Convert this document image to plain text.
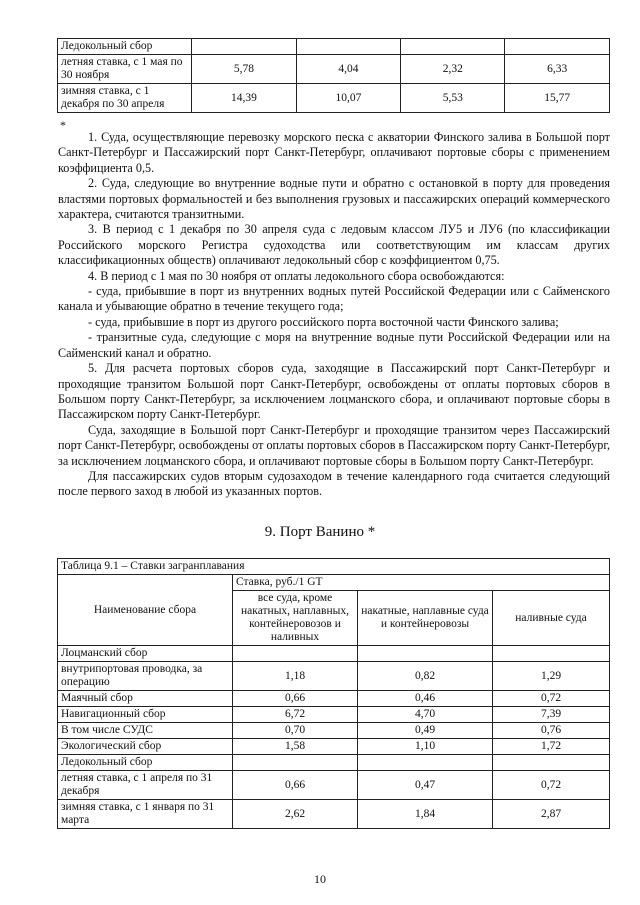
Ледокольный сбор				
летняя ставка, с 1 мая по 30 ноября	5,78	4,04	2,32	6,33
зимняя ставка, с 1 декабря по 30 апреля	14,39	10,07	5,53	15,77
*

1. Суда, осуществляющие перевозку морского песка с акватории Финского залива в Большой порт Санкт-Петербург и Пассажирский порт Санкт-Петербург, оплачивают портовые сборы с применением коэффициента 0,5.

2. Суда, следующие во внутренние водные пути и обратно с остановкой в порту для проведения властями портовых формальностей и без выполнения грузовых и пассажирских операций коммерческого характера, считаются транзитными.

3. В период с 1 декабря по 30 апреля суда с ледовым классом ЛУ5 и ЛУ6 (по классификации Российского морского Регистра судоходства или соответствующим им классам других классификационных обществ) оплачивают ледокольный сбор с коэффициентом 0,75.

4. В период с 1 мая по 30 ноября от оплаты ледокольного сбора освобождаются:

- суда, прибывшие в порт из внутренних водных путей Российской Федерации или с Сайменского канала и убывающие обратно в течение текущего года;

- суда, прибывшие в порт из другого российского порта восточной части Финского залива;

- транзитные суда, следующие с моря на внутренние водные пути Российской Федерации или на Сайменский канал и обратно.

5. Для расчета портовых сборов суда, заходящие в Пассажирский порт Санкт-Петербург и проходящие транзитом Большой порт Санкт-Петербург, освобождены от оплаты портовых сборов в Большом порту Санкт-Петербург, за исключением лоцманского сбора, и оплачивают портовые сборы в Пассажирском порту Санкт-Петербург.

Суда, заходящие в Большой порт Санкт-Петербург и проходящие транзитом через Пассажирский порт Санкт-Петербург, освобождены от оплаты портовых сборов в Пассажирском порту Санкт-Петербург, за исключением лоцманского сбора, и оплачивают портовые сборы в Большом порту Санкт-Петербург.

Для пассажирских судов вторым судозаходом в течение календарного года считается следующий после первого заход в любой из указанных портов.

9. Порт Ванино *
Таблица 9.1 – Ставки загранплавания			
Наименование сбора	Ставка, руб./1 GT		
	все суда, кроме накатных, наплавных, контейнеровозов и наливных	накатные, наплавные суда и контейнеровозы	наливные суда
Лоцманский сбор			
внутрипортовая проводка, за операцию	1,18	0,82	1,29
Маячный сбор	0,66	0,46	0,72
Навигационный сбор	6,72	4,70	7,39
В том числе СУДС	0,70	0,49	0,76
Экологический сбор	1,58	1,10	1,72
Ледокольный сбор			
летняя ставка, с 1 апреля по 31 декабря	0,66	0,47	0,72
зимняя ставка, с 1 января по 31 марта	2,62	1,84	2,87
10
